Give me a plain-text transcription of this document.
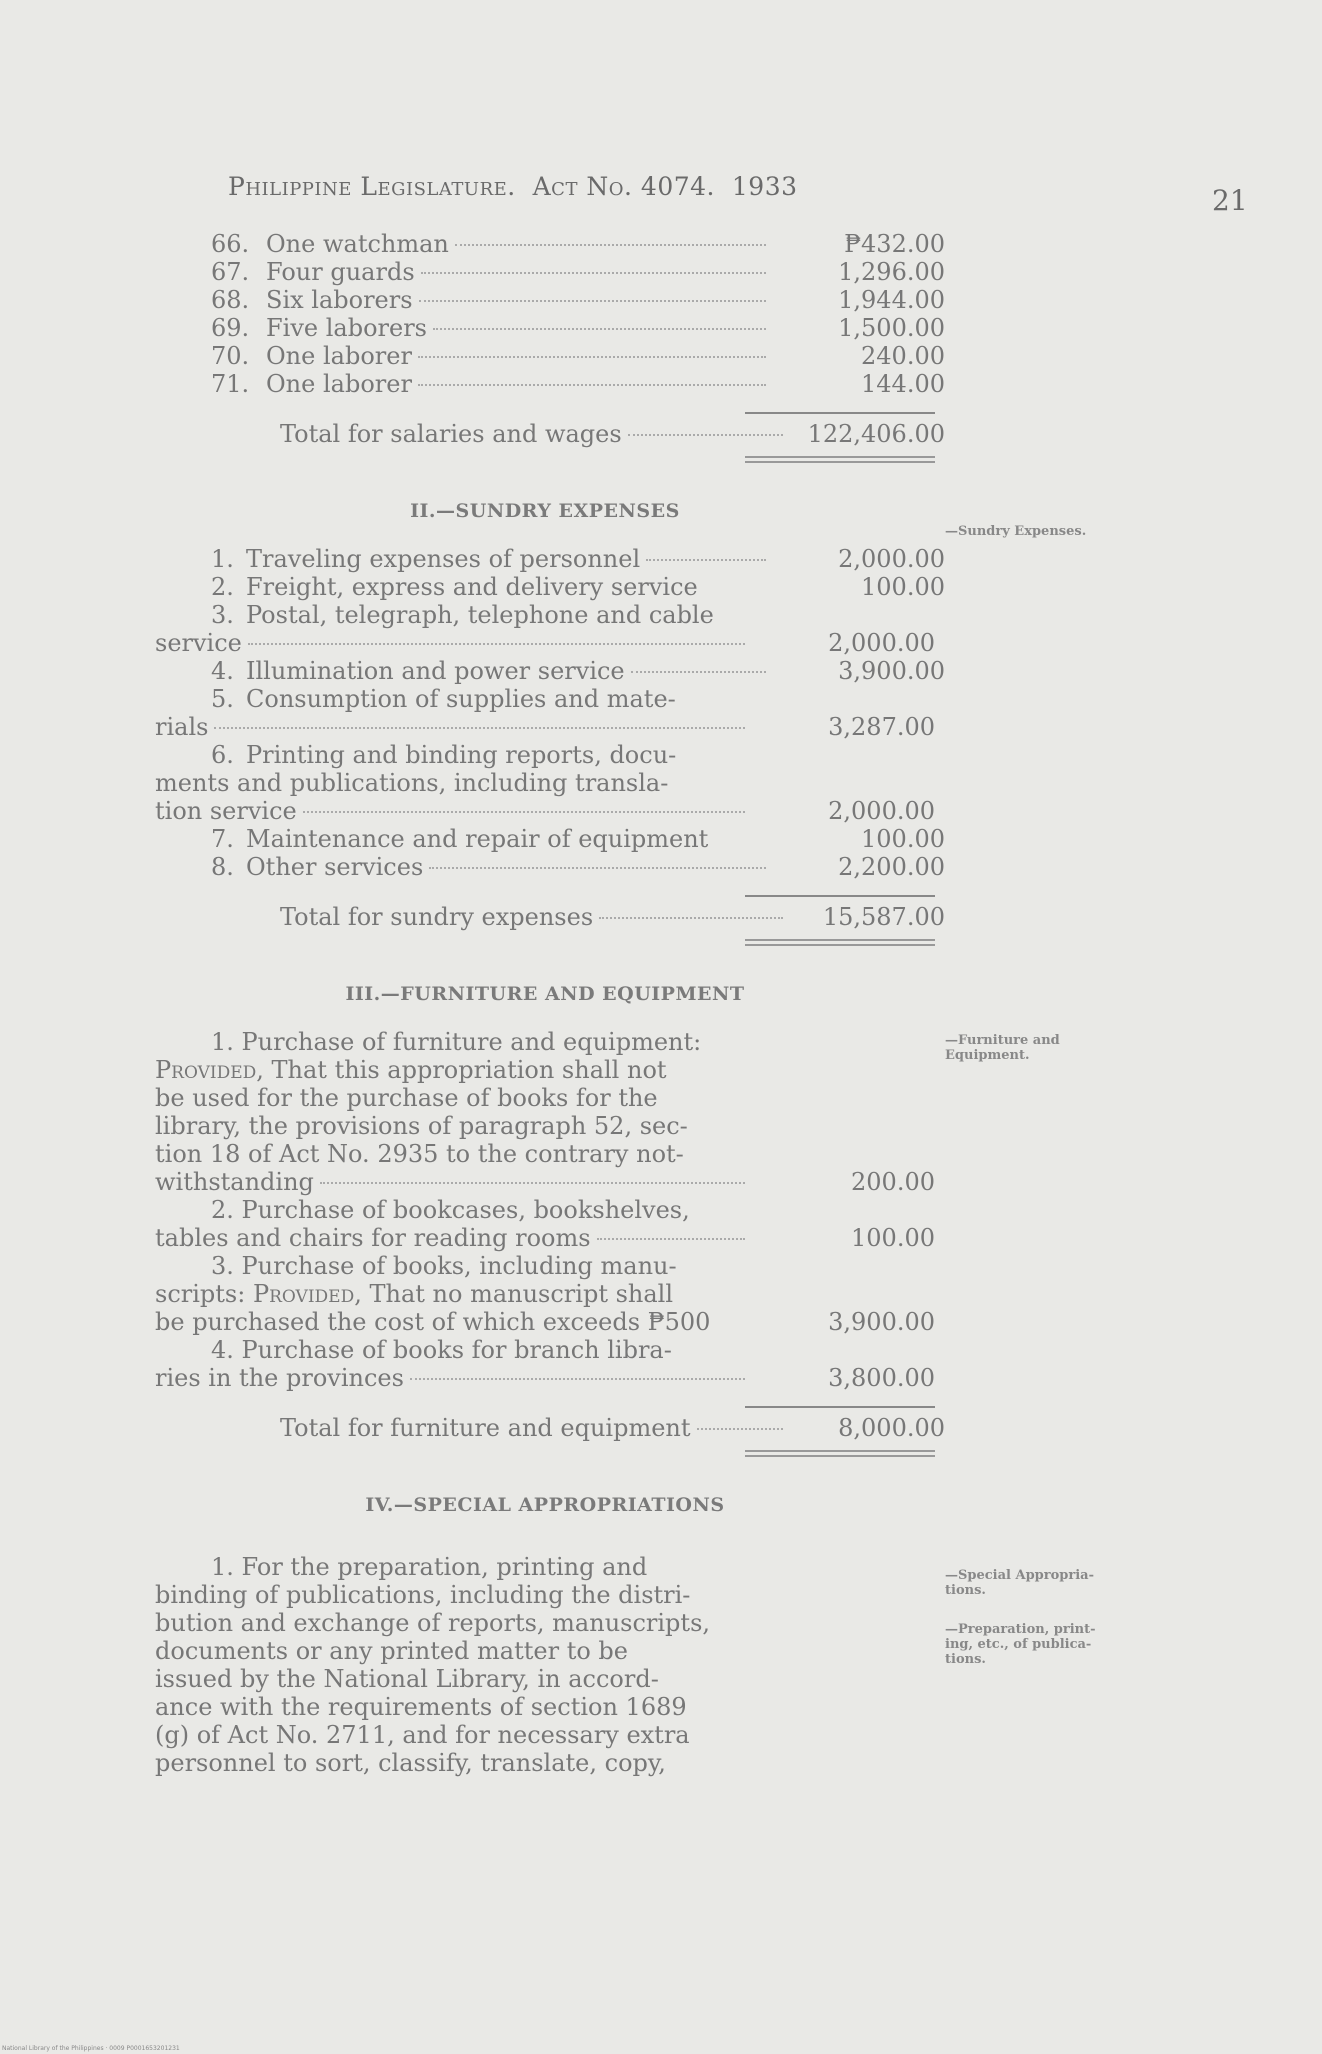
Philippine Legislature. Act No. 4074. 1933	21
66. One watchman	₱432.00
67. Four guards	1,296.00
68. Six laborers	1,944.00
69. Five laborers	1,500.00
70. One laborer	240.00
71. One laborer	144.00
Total for salaries and wages	122,406.00
II.—SUNDRY EXPENSES
1. Traveling expenses of personnel	2,000.00
2. Freight, express and delivery service	100.00
3. Postal, telegraph, telephone and cable
service	2,000.00
4. Illumination and power service	3,900.00
5. Consumption of supplies and mate-
rials	3,287.00
6. Printing and binding reports, docu-
ments and publications, including transla-
tion service	2,000.00
7. Maintenance and repair of equipment	100.00
8. Other services	2,200.00
Total for sundry expenses	15,587.00
III.—FURNITURE AND EQUIPMENT
1. Purchase of furniture and equipment:
Provided, That this appropriation shall not
be used for the purchase of books for the
library, the provisions of paragraph 52, sec-
tion 18 of Act No. 2935 to the contrary not-
withstanding	200.00
2. Purchase of bookcases, bookshelves,
tables and chairs for reading rooms	100.00
3. Purchase of books, including manu-
scripts: Provided, That no manuscript shall
be purchased the cost of which exceeds ₱500	3,900.00
4. Purchase of books for branch libra-
ries in the provinces	3,800.00
Total for furniture and equipment	8,000.00
IV.—SPECIAL APPROPRIATIONS
1. For the preparation, printing and
binding of publications, including the distri-
bution and exchange of reports, manuscripts,
documents or any printed matter to be
issued by the National Library, in accord-
ance with the requirements of section 1689
(g) of Act No. 2711, and for necessary extra
personnel to sort, classify, translate, copy,
—Sundry Expenses.
—Furniture and
Equipment.
—Special Appropria-
tions.
—Preparation, print-
ing, etc., of publica-
tions.
National Library of the Philippines · 0009 P0001653201231
